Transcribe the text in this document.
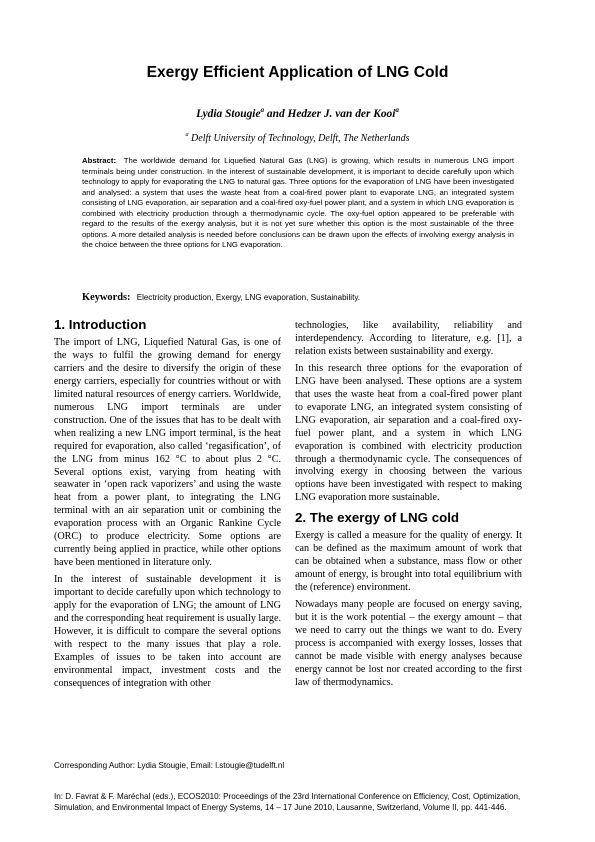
Exergy Efficient Application of LNG Cold
Lydia Stougie$^a$ and Hedzer J. van der Kooi$^a$
$^a$ Delft University of Technology, Delft, The Netherlands
Abstract: The worldwide demand for Liquefied Natural Gas (LNG) is growing, which results in numerous LNG import terminals being under construction. In the interest of sustainable development, it is important to decide carefully upon which technology to apply for evaporating the LNG to natural gas. Three options for the evaporation of LNG have been investigated and analysed: a system that uses the waste heat from a coal-fired power plant to evaporate LNG, an integrated system consisting of LNG evaporation, air separation and a coal-fired oxy-fuel power plant, and a system in which LNG evaporation is combined with electricity production through a thermodynamic cycle. The oxy-fuel option appeared to be preferable with regard to the results of the exergy analysis, but it is not yet sure whether this option is the most sustainable of the three options. A more detailed analysis is needed before conclusions can be drawn upon the effects of involving exergy analysis in the choice between the three options for LNG evaporation.
Keywords: Electricity production, Exergy, LNG evaporation, Sustainability.
1. Introduction

The import of LNG, Liquefied Natural Gas, is one of the ways to fulfil the growing demand for energy carriers and the desire to diversify the origin of these energy carriers, especially for countries without or with limited natural resources of energy carriers. Worldwide, numerous LNG import terminals are under construction. One of the issues that has to be dealt with when realizing a new LNG import terminal, is the heat required for evaporation, also called ‘regasification’, of the LNG from minus 162 °C to about plus 2 °C. Several options exist, varying from heating with seawater in ‘open rack vaporizers’ and using the waste heat from a power plant, to integrating the LNG terminal with an air separation unit or combining the evaporation process with an Organic Rankine Cycle (ORC) to produce electricity. Some options are currently being applied in practice, while other options have been mentioned in literature only.

In the interest of sustainable development it is important to decide carefully upon which technology to apply for the evaporation of LNG; the amount of LNG and the corresponding heat requirement is usually large. However, it is difficult to compare the several options with respect to the many issues that play a role. Examples of issues to be taken into account are environmental impact, investment costs and the consequences of integration with other

technologies, like availability, reliability and interdependency. According to literature, e.g. [1], a relation exists between sustainability and exergy.

In this research three options for the evaporation of LNG have been analysed. These options are a system that uses the waste heat from a coal-fired power plant to evaporate LNG, an integrated system consisting of LNG evaporation, air separation and a coal-fired oxy-fuel power plant, and a system in which LNG evaporation is combined with electricity production through a thermodynamic cycle. The consequences of involving exergy in choosing between the various options have been investigated with respect to making LNG evaporation more sustainable.

2. The exergy of LNG cold

Exergy is called a measure for the quality of energy. It can be defined as the maximum amount of work that can be obtained when a substance, mass flow or other amount of energy, is brought into total equilibrium with the (reference) environment.

Nowadays many people are focused on energy saving, but it is the work potential – the exergy amount – that we need to carry out the things we want to do. Every process is accompanied with exergy losses, losses that cannot be made visible with energy analyses because energy cannot be lost nor created according to the first law of thermodynamics.

Corresponding Author: Lydia Stougie, Email: l.stougie@tudelft.nl
In: D. Favrat & F. Maréchal (eds.), ECOS2010: Proceedings of the 23rd International Conference on Efficiency, Cost, Optimization, Simulation, and Environmental Impact of Energy Systems, 14 – 17 June 2010, Lausanne, Switzerland, Volume II, pp. 441-446.
